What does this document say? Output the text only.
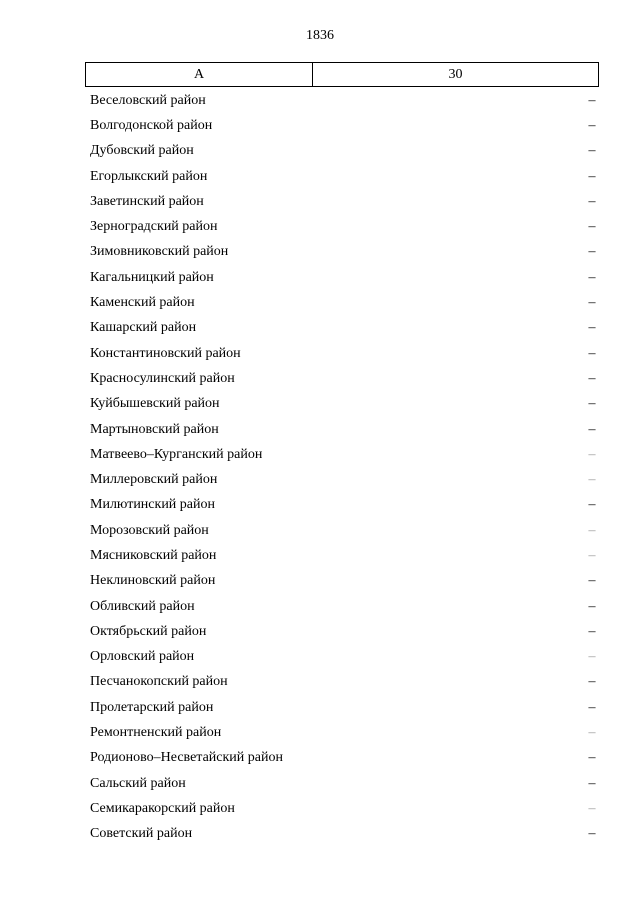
1836
А	30
Веселовский район	–
Волгодонской район	–
Дубовский район	–
Егорлыкский район	–
Заветинский район	–
Зерноградский район	–
Зимовниковский район	–
Кагальницкий район	–
Каменский район	–
Кашарский район	–
Константиновский район	–
Красносулинский район	–
Куйбышевский район	–
Мартыновский район	–
Матвеево–Курганский район	–
Миллеровский район	–
Милютинский район	–
Морозовский район	–
Мясниковский район	–
Неклиновский район	–
Обливский район	–
Октябрьский район	–
Орловский район	–
Песчанокопский район	–
Пролетарский район	–
Ремонтненский район	–
Родионово–Несветайский район	–
Сальский район	–
Семикаракорский район	–
Советский район	–
